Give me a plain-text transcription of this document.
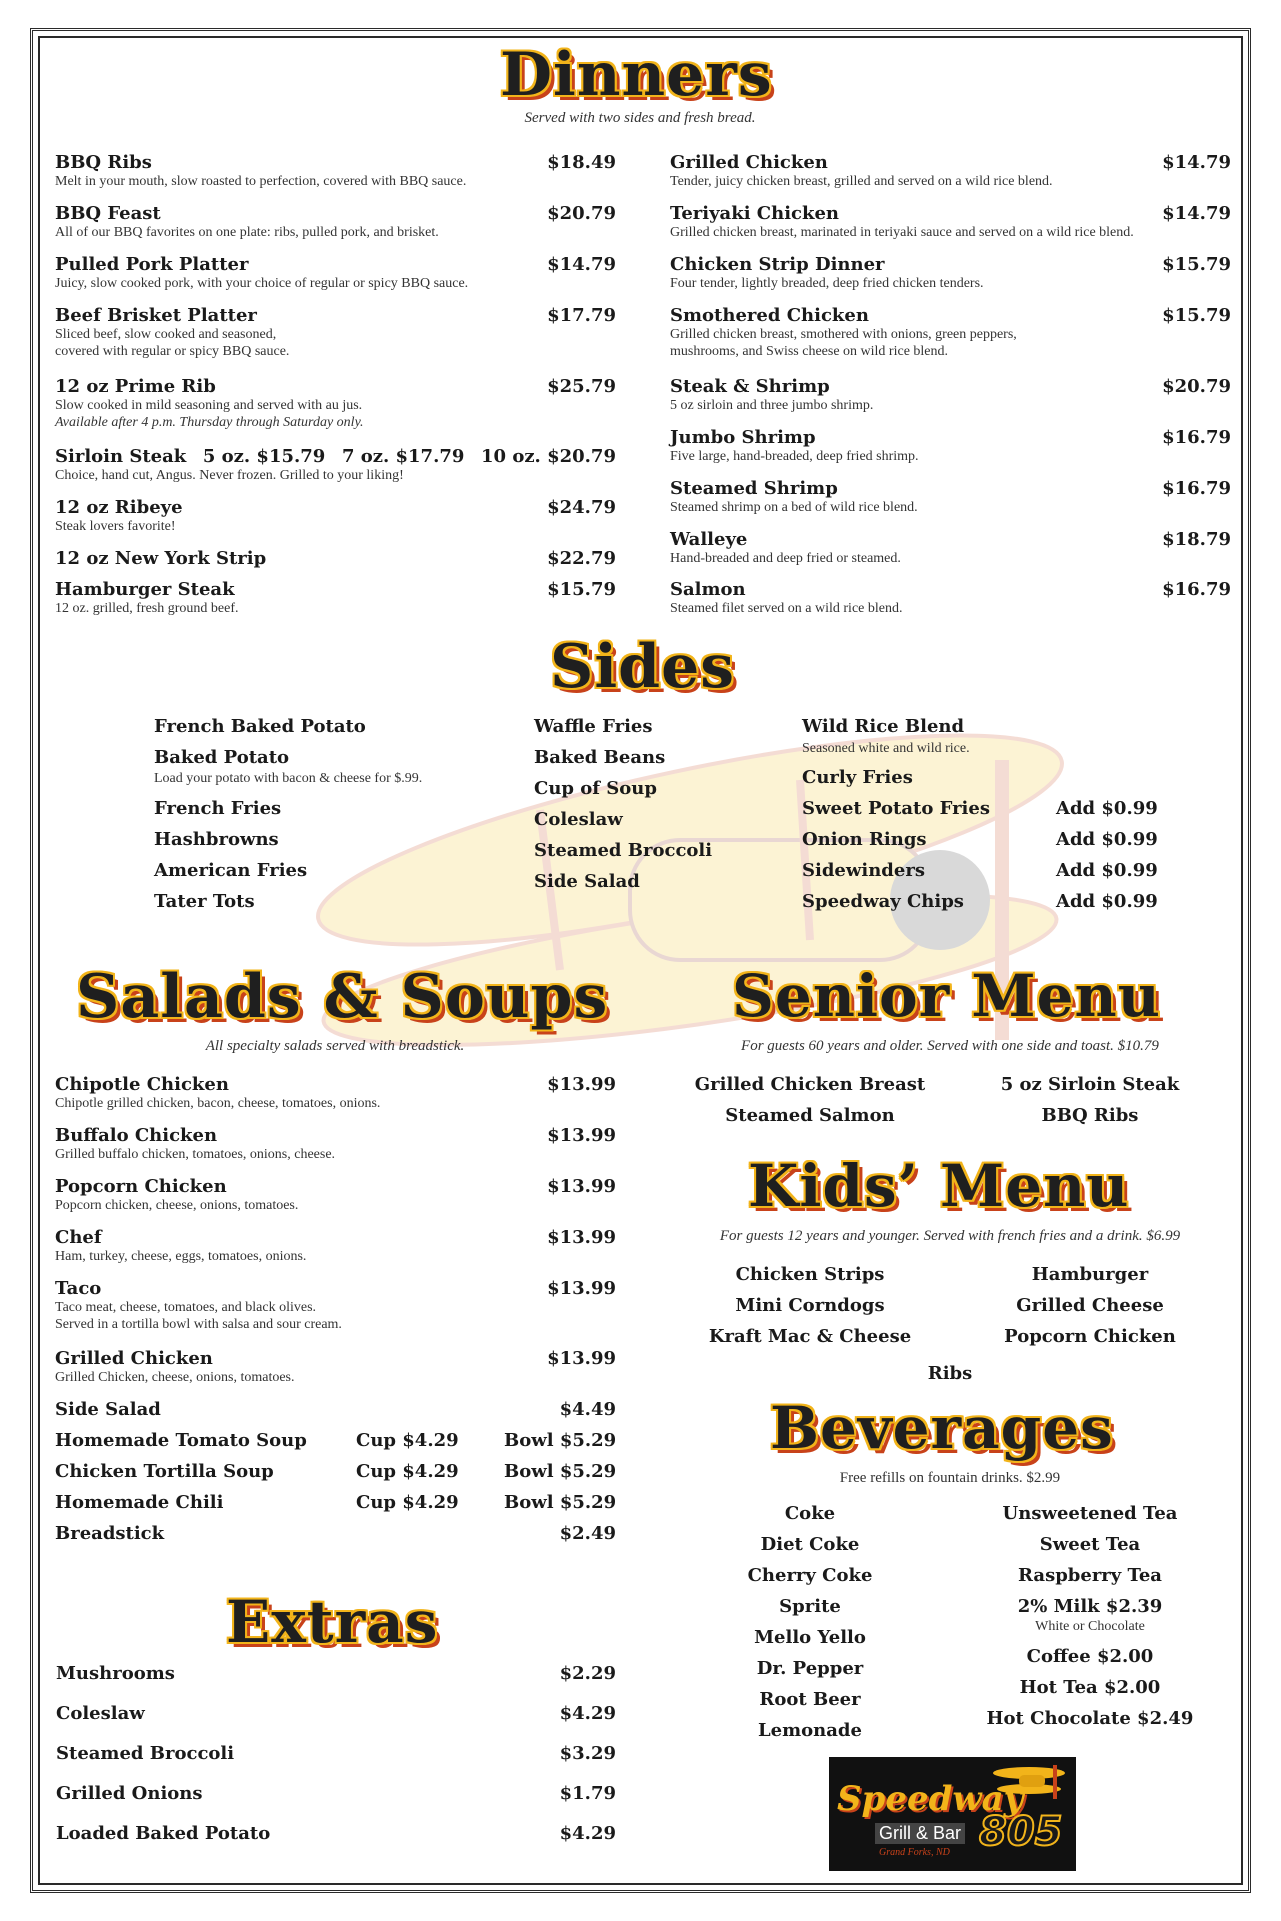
Dinners
Served with two sides and fresh bread.
Sides
Salads & Soups
All specialty salads served with breadstick.
Extras
Senior Menu
For guests 60 years and older. Served with one side and toast. $10.79
Kids’ Menu
For guests 12 years and younger. Served with french fries and a drink. $6.99
Beverages
Free refills on fountain drinks. $2.99
Speedway
805
Grill & Bar
Grand Forks, ND
BBQ Ribs	$18.49
Melt in your mouth, slow roasted to perfection, covered with BBQ sauce.
BBQ Feast	$20.79
All of our BBQ favorites on one plate: ribs, pulled pork, and brisket.
Pulled Pork Platter	$14.79
Juicy, slow cooked pork, with your choice of regular or spicy BBQ sauce.
Beef Brisket Platter	$17.79
Sliced beef, slow cooked and seasoned,
covered with regular or spicy BBQ sauce.
12 oz Prime Rib	$25.79
Slow cooked in mild seasoning and served with au jus.
Available after 4 p.m. Thursday through Saturday only.
Sirloin Steak 5 oz. $15.79 7 oz. $17.79 10 oz. $20.79
Choice, hand cut, Angus. Never frozen. Grilled to your liking!
12 oz Ribeye	$24.79
Steak lovers favorite!
12 oz New York Strip	$22.79
Hamburger Steak	$15.79
12 oz. grilled, fresh ground beef.
Grilled Chicken	$14.79
Tender, juicy chicken breast, grilled and served on a wild rice blend.
Teriyaki Chicken	$14.79
Grilled chicken breast, marinated in teriyaki sauce and served on a wild rice blend.
Chicken Strip Dinner	$15.79
Four tender, lightly breaded, deep fried chicken tenders.
Smothered Chicken	$15.79
Grilled chicken breast, smothered with onions, green peppers,
mushrooms, and Swiss cheese on wild rice blend.
Steak & Shrimp	$20.79
5 oz sirloin and three jumbo shrimp.
Jumbo Shrimp	$16.79
Five large, hand-breaded, deep fried shrimp.
Steamed Shrimp	$16.79
Steamed shrimp on a bed of wild rice blend.
Walleye	$18.79
Hand-breaded and deep fried or steamed.
Salmon	$16.79
Steamed filet served on a wild rice blend.
French Baked Potato
Baked Potato
French Fries
Hashbrowns
American Fries
Tater Tots
Load your potato with bacon & cheese for $.99.
Waffle Fries
Baked Beans
Cup of Soup
Coleslaw
Steamed Broccoli
Side Salad
Wild Rice Blend
Curly Fries
Sweet Potato Fries	Add $0.99
Onion Rings	Add $0.99
Sidewinders	Add $0.99
Speedway Chips	Add $0.99
Seasoned white and wild rice.
Chipotle Chicken	$13.99
Chipotle grilled chicken, bacon, cheese, tomatoes, onions.
Buffalo Chicken	$13.99
Grilled buffalo chicken, tomatoes, onions, cheese.
Popcorn Chicken	$13.99
Popcorn chicken, cheese, onions, tomatoes.
Chef	$13.99
Ham, turkey, cheese, eggs, tomatoes, onions.
Taco	$13.99
Taco meat, cheese, tomatoes, and black olives.
Served in a tortilla bowl with salsa and sour cream.
Grilled Chicken	$13.99
Grilled Chicken, cheese, onions, tomatoes.
Side Salad	$4.49
Homemade Tomato Soup	Cup $4.29	Bowl $5.29
Chicken Tortilla Soup	Cup $4.29	Bowl $5.29
Homemade Chili	Cup $4.29	Bowl $5.29
Breadstick	$2.49
Mushrooms	$2.29
Coleslaw	$4.29
Steamed Broccoli	$3.29
Grilled Onions	$1.79
Loaded Baked Potato	$4.29
Grilled Chicken Breast
Steamed Salmon
5 oz Sirloin Steak
BBQ Ribs
Chicken Strips
Mini Corndogs
Kraft Mac & Cheese
Hamburger
Grilled Cheese
Popcorn Chicken
Ribs
Coke
Diet Coke
Cherry Coke
Sprite
Mello Yello
Dr. Pepper
Root Beer
Lemonade
Unsweetened Tea
Sweet Tea
Raspberry Tea
2% Milk $2.39
White or Chocolate
Coffee $2.00
Hot Tea $2.00
Hot Chocolate $2.49
